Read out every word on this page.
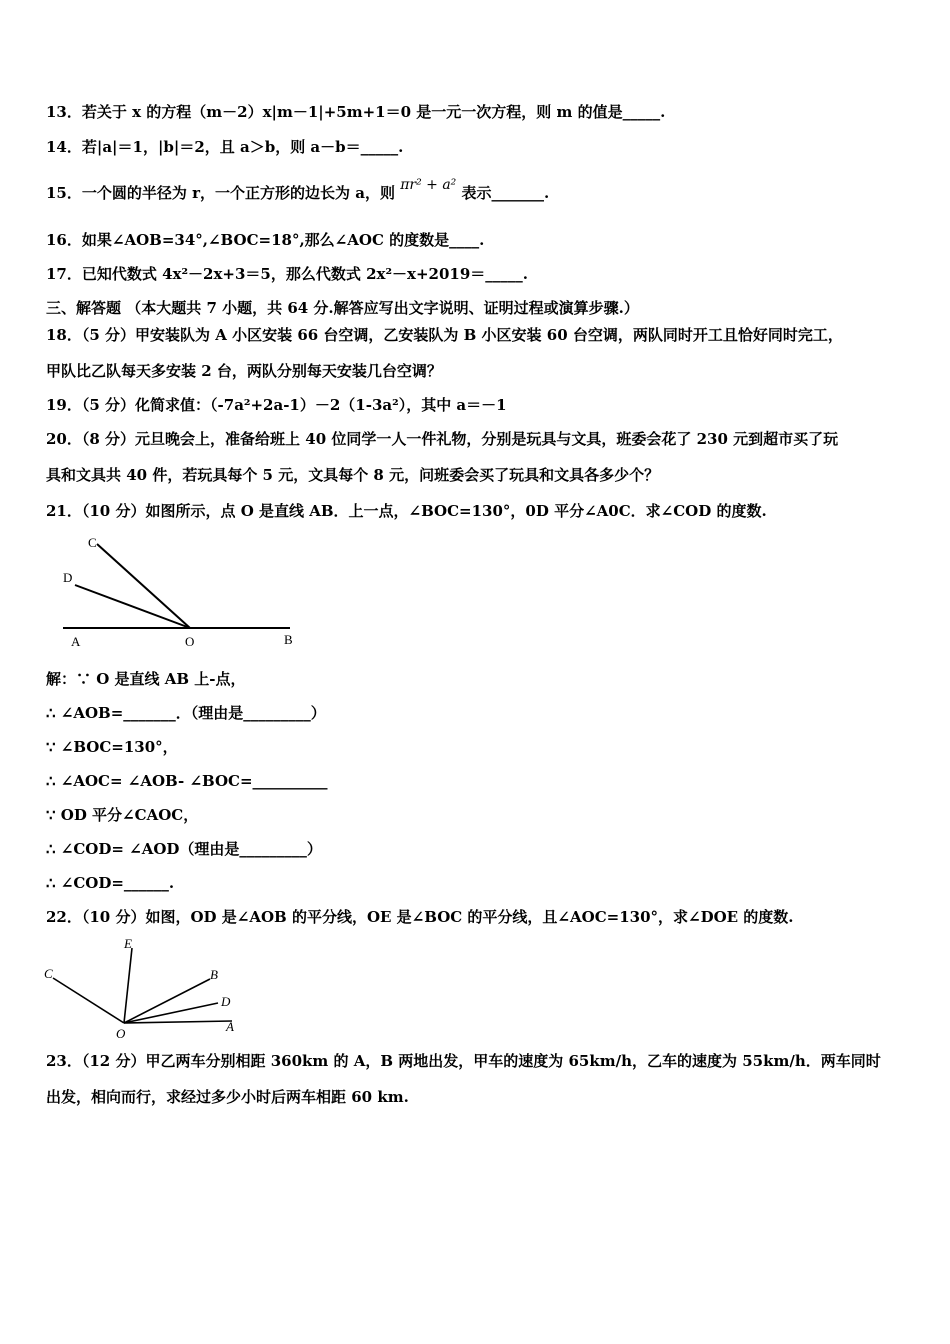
13．若关于 x 的方程（m－2）x|m－1|+5m+1＝0 是一元一次方程，则 m 的值是_____.
14．若|a|＝1，|b|＝2，且 a＞b，则 a－b＝_____.
15．一个圆的半径为 r，一个正方形的边长为 a，则 πr² + a² 表示_______.
16．如果∠AOB=34°,∠BOC=18°,那么∠AOC 的度数是____.
17．已知代数式 4x²－2x+3＝5，那么代数式 2x²－x+2019＝_____.
三、解答题 （本大题共 7 小题，共 64 分.解答应写出文字说明、证明过程或演算步骤.）
18．（5 分）甲安装队为 A 小区安装 66 台空调，乙安装队为 B 小区安装 60 台空调，两队同时开工且恰好同时完工，
甲队比乙队每天多安装 2 台，两队分别每天安装几台空调？
19．（5 分）化简求值：（-7a²+2a-1）－2（1-3a²），其中 a＝－1
20．（8 分）元旦晚会上，准备给班上 40 位同学一人一件礼物，分别是玩具与文具，班委会花了 230 元到超市买了玩
具和文具共 40 件，若玩具每个 5 元，文具每个 8 元，问班委会买了玩具和文具各多少个？
21．（10 分）如图所示，点 O 是直线 AB．上一点，∠BOC=130°，0D 平分∠A0C．求∠COD 的度数.
C
D
A	O	B
解：∵ O 是直线 AB 上-点，
∴ ∠AOB=_______．（理由是_________）
∵ ∠BOC=130°，
∴ ∠AOC= ∠AOB- ∠BOC=__________
∵ OD 平分∠CAOC，
∴ ∠COD= ∠AOD（理由是_________）
∴ ∠COD=______.
22．（10 分）如图，OD 是∠AOB 的平分线，OE 是∠BOC 的平分线，且∠AOC=130°，求∠DOE 的度数.
E
C	B
D
O	A
23．（12 分）甲乙两车分别相距 360km 的 A，B 两地出发，甲车的速度为 65km/h，乙车的速度为 55km/h．两车同时
出发，相向而行，求经过多少小时后两车相距 60 km.
